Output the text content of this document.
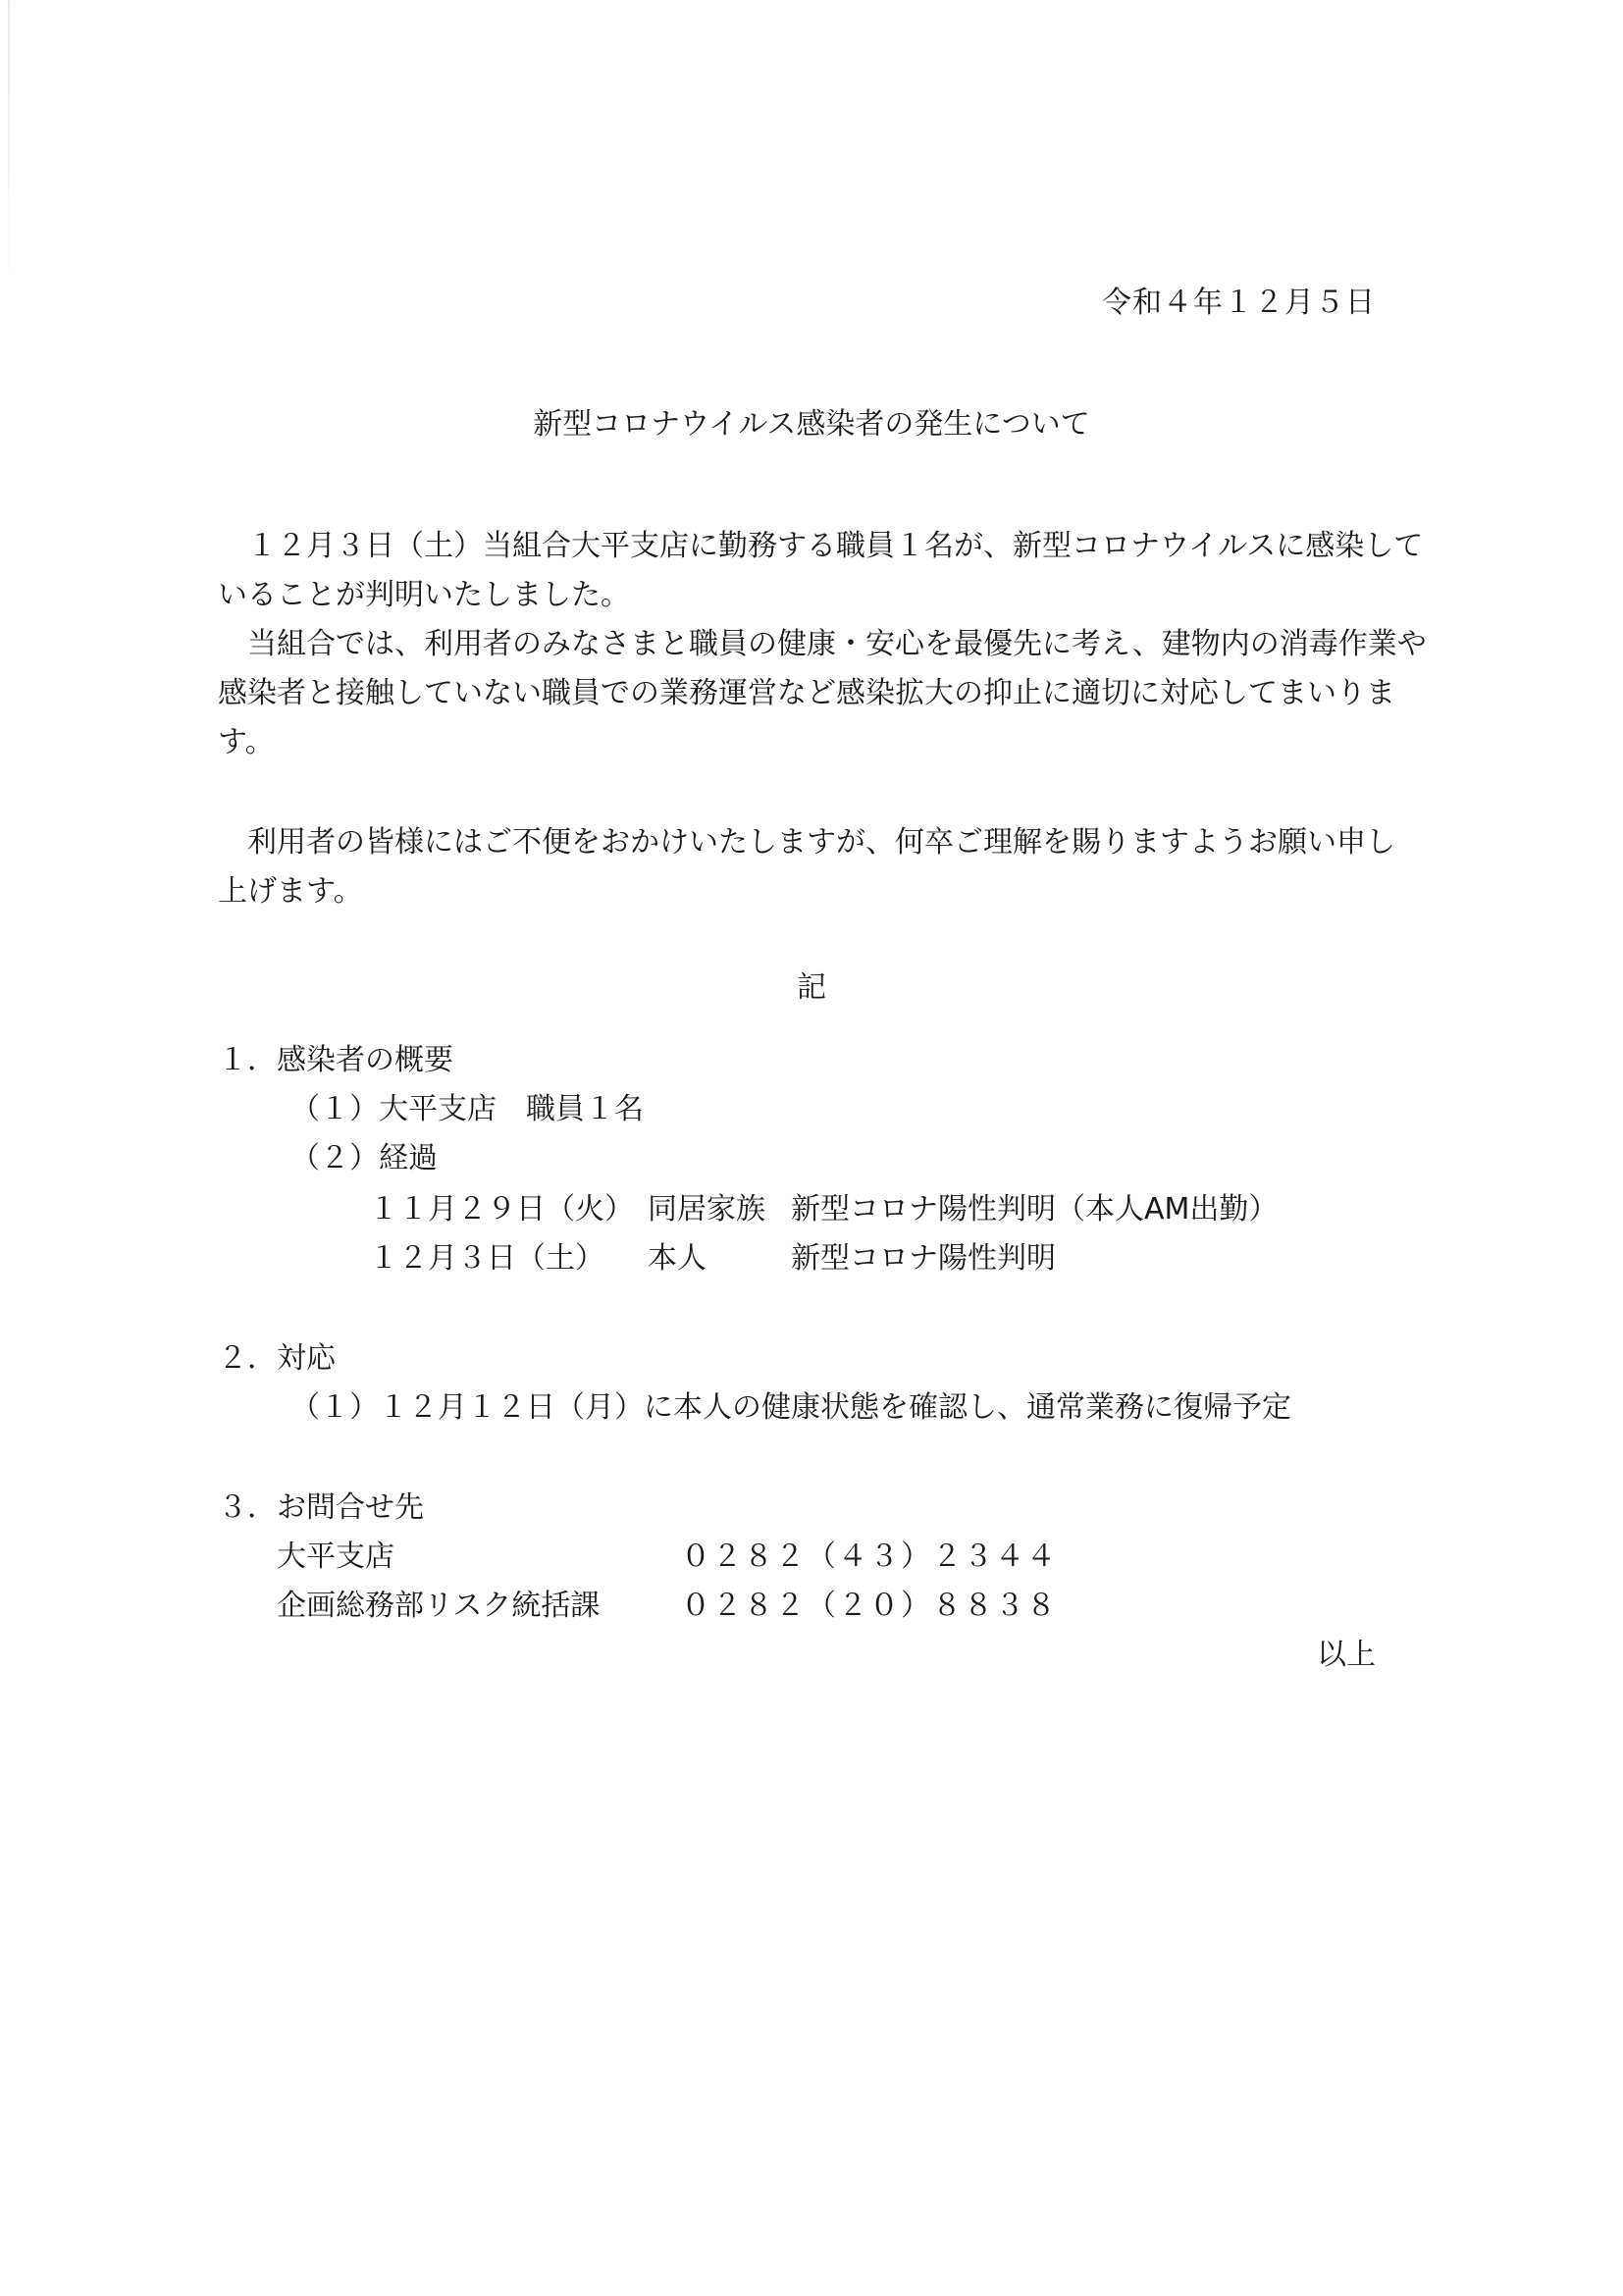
令和４年１２月５日
新型コロナウイルス感染者の発生について
１２月３日（土）当組合大平支店に勤務する職員１名が、新型コロナウイルスに感染して
いることが判明いたしました。
当組合では、利用者のみなさまと職員の健康・安心を最優先に考え、建物内の消毒作業や
感染者と接触していない職員での業務運営など感染拡大の抑止に適切に対応してまいりま
す。
利用者の皆様にはご不便をおかけいたしますが、何卒ご理解を賜りますようお願い申し
上げます。
記
１．感染者の概要
（１）大平支店　職員１名
（２）経過
１１月２９日（火） 同居家族 新型コロナ陽性判明（本人AM出勤）
１２月３日（土） 本人	新型コロナ陽性判明
２．対応
（１）１２月１２日（月）に本人の健康状態を確認し、通常業務に復帰予定
３．お問合せ先
大平支店	０２８２（４３）２３４４
企画総務部リスク統括課	０２８２（２０）８８３８
以上
